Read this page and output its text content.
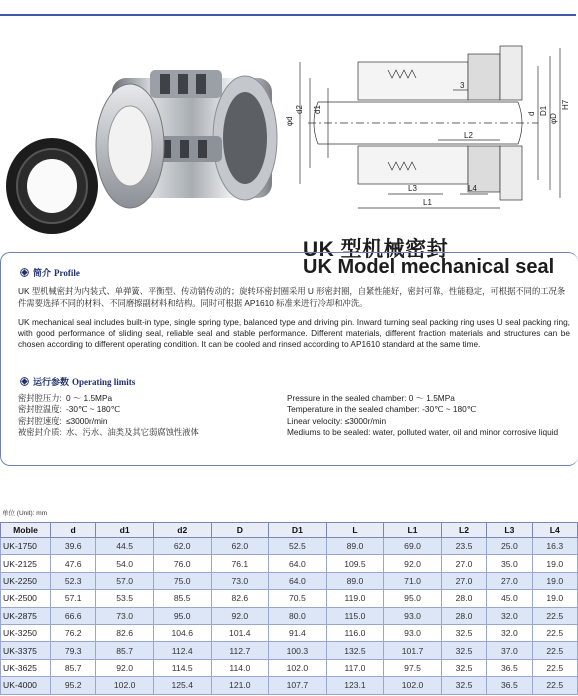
φd
d2 d1	d D1
φD
H7
3
L2
L3	L4
L1
UK 型机械密封
UK Model mechanical seal
简介 Profile
UK 型机械密封为内装式、单弹簧、平衡型、传动销传动的；旋转环密封圈采用 U 形密封圈，自紧性能好，密封可靠，性能稳定，可根据不同的工况条件需要选择不同的材料、不同磨擦副材料和结构。同时可根据 AP1610 标准来进行冷却和冲洗。
UK mechanical seal includes built-in type, single spring type, balanced type and driving pin. Inward turning seal packing ring uses U seal packing ring, with good performance of sliding seal, reliable seal and stable performance. Different materials, different fraction materials and structures can be chosen according to different operating condition. It can be cooled and rinsed according to AP1610 standard at the same time.
运行参数 Operating limits
密封腔压力: 0 ～ 1.5MPa
密封腔温度: -30℃ ~ 180℃
密封腔速度: ≤3000r/min
被密封介质: 水、污水、油类及其它弱腐蚀性液体
Pressure in the sealed chamber: 0 ～ 1.5MPa
Temperature in the sealed chamber: -30℃ ~ 180℃
Linear velocity: ≤3000r/min
Mediums to be sealed: water, polluted water, oil and minor corrosive liquid
单位 (Unit): mm
Moble	d	d1	d2	D	D1	L	L1	L2	L3	L4
UK-1750	39.6	44.5	62.0	62.0	52.5	89.0	69.0	23.5	25.0	16.3
UK-2125	47.6	54.0	76.0	76.1	64.0	109.5	92.0	27.0	35.0	19.0
UK-2250	52.3	57.0	75.0	73.0	64.0	89.0	71.0	27.0	27.0	19.0
UK-2500	57.1	53.5	85.5	82.6	70.5	119.0	95.0	28.0	45.0	19.0
UK-2875	66.6	73.0	95.0	92.0	80.0	115.0	93.0	28.0	32.0	22.5
UK-3250	76.2	82.6	104.6	101.4	91.4	116.0	93.0	32.5	32.0	22.5
UK-3375	79.3	85.7	112.4	112.7	100.3	132.5	101.7	32.5	37.0	22.5
UK-3625	85.7	92.0	114.5	114.0	102.0	117.0	97.5	32.5	36.5	22.5
UK-4000	95.2	102.0	125.4	121.0	107.7	123.1	102.0	32.5	36.5	22.5
